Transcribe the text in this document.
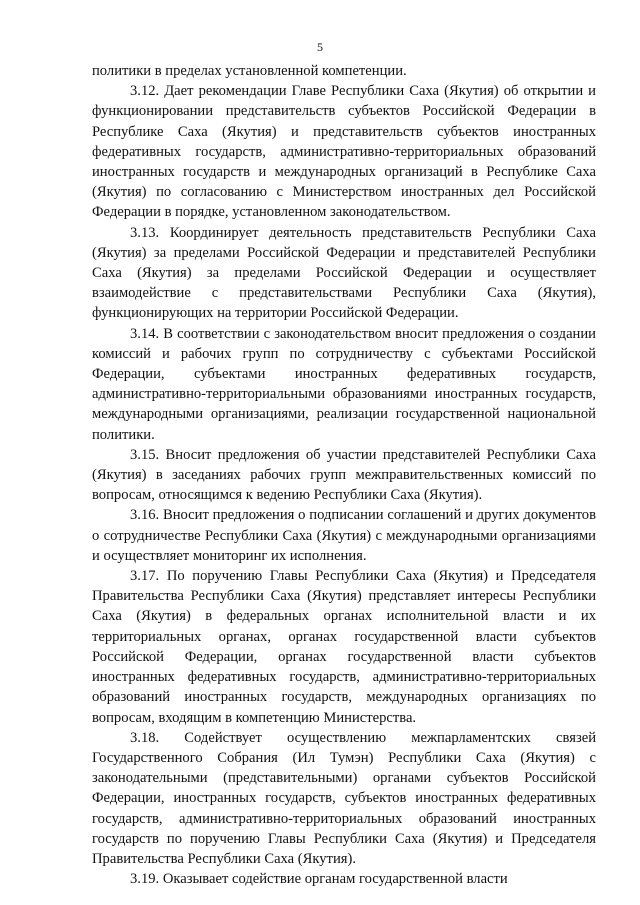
5

политики в пределах установленной компетенции.

3.12. Дает рекомендации Главе Республики Саха (Якутия) об открытии и функционировании представительств субъектов Российской Федерации в Республике Саха (Якутия) и представительств субъектов иностранных федеративных государств, административно-территориальных образований иностранных государств и международных организаций в Республике Саха (Якутия) по согласованию с Министерством иностранных дел Российской Федерации в порядке, установленном законодательством.

3.13. Координирует деятельность представительств Республики Саха (Якутия) за пределами Российской Федерации и представителей Республики Саха (Якутия) за пределами Российской Федерации и осуществляет взаимодействие с представительствами Республики Саха (Якутия), функционирующих на территории Российской Федерации.

3.14. В соответствии с законодательством вносит предложения о создании комиссий и рабочих групп по сотрудничеству с субъектами Российской Федерации, субъектами иностранных федеративных государств, административно-территориальными образованиями иностранных государств, международными организациями, реализации государственной национальной политики.

3.15. Вносит предложения об участии представителей Республики Саха (Якутия) в заседаниях рабочих групп межправительственных комиссий по вопросам, относящимся к ведению Республики Саха (Якутия).

3.16. Вносит предложения о подписании соглашений и других документов о сотрудничестве Республики Саха (Якутия) с международными организациями и осуществляет мониторинг их исполнения.

3.17. По поручению Главы Республики Саха (Якутия) и Председателя Правительства Республики Саха (Якутия) представляет интересы Республики Саха (Якутия) в федеральных органах исполнительной власти и их территориальных органах, органах государственной власти субъектов Российской Федерации, органах государственной власти субъектов иностранных федеративных государств, административно-территориальных образований иностранных государств, международных организациях по вопросам, входящим в компетенцию Министерства.

3.18. Содействует осуществлению межпарламентских связей Государственного Собрания (Ил Тумэн) Республики Саха (Якутия) с законодательными (представительными) органами субъектов Российской Федерации, иностранных государств, субъектов иностранных федеративных государств, административно-территориальных образований иностранных государств по поручению Главы Республики Саха (Якутия) и Председателя Правительства Республики Саха (Якутия).

3.19. Оказывает содействие органам государственной власти
